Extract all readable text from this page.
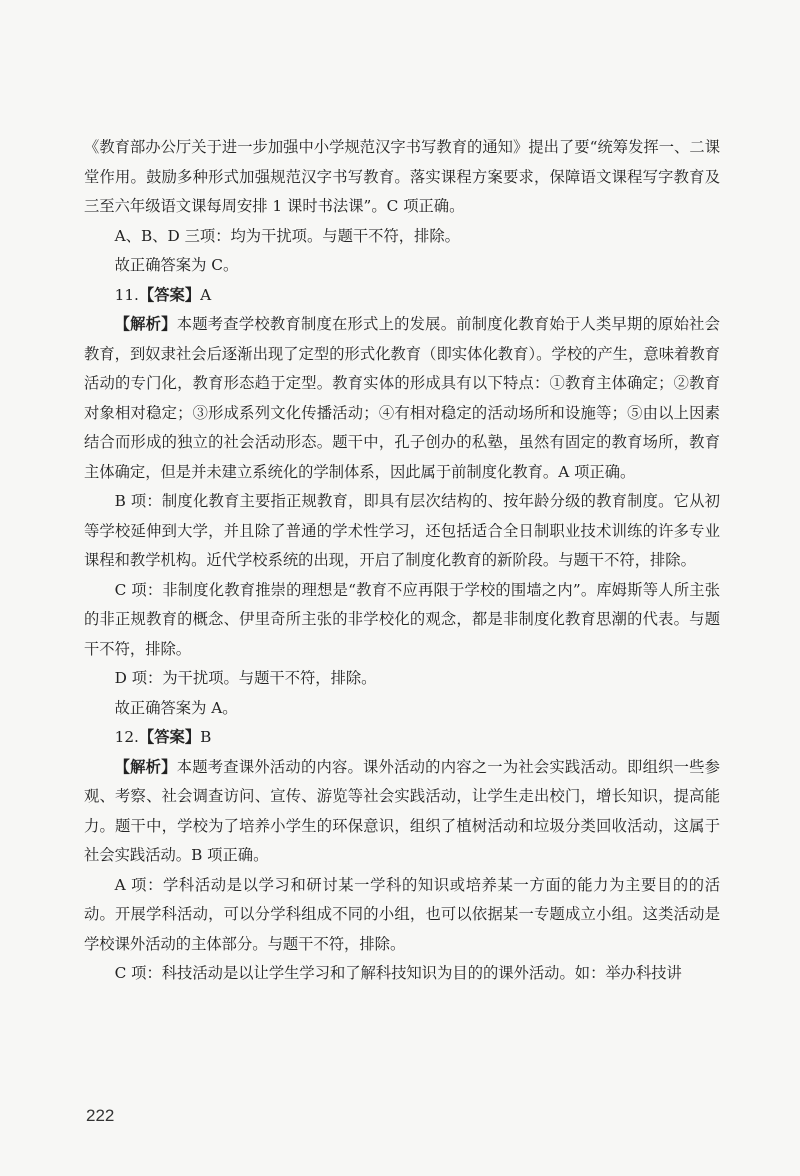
《教育部办公厅关于进一步加强中小学规范汉字书写教育的通知》提出了要“统筹发挥一、二课堂作用。鼓励多种形式加强规范汉字书写教育。落实课程方案要求，保障语文课程写字教育及三至六年级语文课每周安排 1 课时书法课”。C 项正确。

A、B、D 三项：均为干扰项。与题干不符，排除。

故正确答案为 C。

11.【答案】A

【解析】本题考查学校教育制度在形式上的发展。前制度化教育始于人类早期的原始社会教育，到奴隶社会后逐渐出现了定型的形式化教育（即实体化教育）。学校的产生，意味着教育活动的专门化，教育形态趋于定型。教育实体的形成具有以下特点：①教育主体确定；②教育对象相对稳定；③形成系列文化传播活动；④有相对稳定的活动场所和设施等；⑤由以上因素结合而形成的独立的社会活动形态。题干中，孔子创办的私塾，虽然有固定的教育场所，教育主体确定，但是并未建立系统化的学制体系，因此属于前制度化教育。A 项正确。

B 项：制度化教育主要指正规教育，即具有层次结构的、按年龄分级的教育制度。它从初等学校延伸到大学，并且除了普通的学术性学习，还包括适合全日制职业技术训练的许多专业课程和教学机构。近代学校系统的出现，开启了制度化教育的新阶段。与题干不符，排除。

C 项：非制度化教育推崇的理想是“教育不应再限于学校的围墙之内”。库姆斯等人所主张的非正规教育的概念、伊里奇所主张的非学校化的观念，都是非制度化教育思潮的代表。与题干不符，排除。

D 项：为干扰项。与题干不符，排除。

故正确答案为 A。

12.【答案】B

【解析】本题考查课外活动的内容。课外活动的内容之一为社会实践活动。即组织一些参观、考察、社会调查访问、宣传、游览等社会实践活动，让学生走出校门，增长知识，提高能力。题干中，学校为了培养小学生的环保意识，组织了植树活动和垃圾分类回收活动，这属于社会实践活动。B 项正确。

A 项：学科活动是以学习和研讨某一学科的知识或培养某一方面的能力为主要目的的活动。开展学科活动，可以分学科组成不同的小组，也可以依据某一专题成立小组。这类活动是学校课外活动的主体部分。与题干不符，排除。

C 项：科技活动是以让学生学习和了解科技知识为目的的课外活动。如：举办科技讲

222
